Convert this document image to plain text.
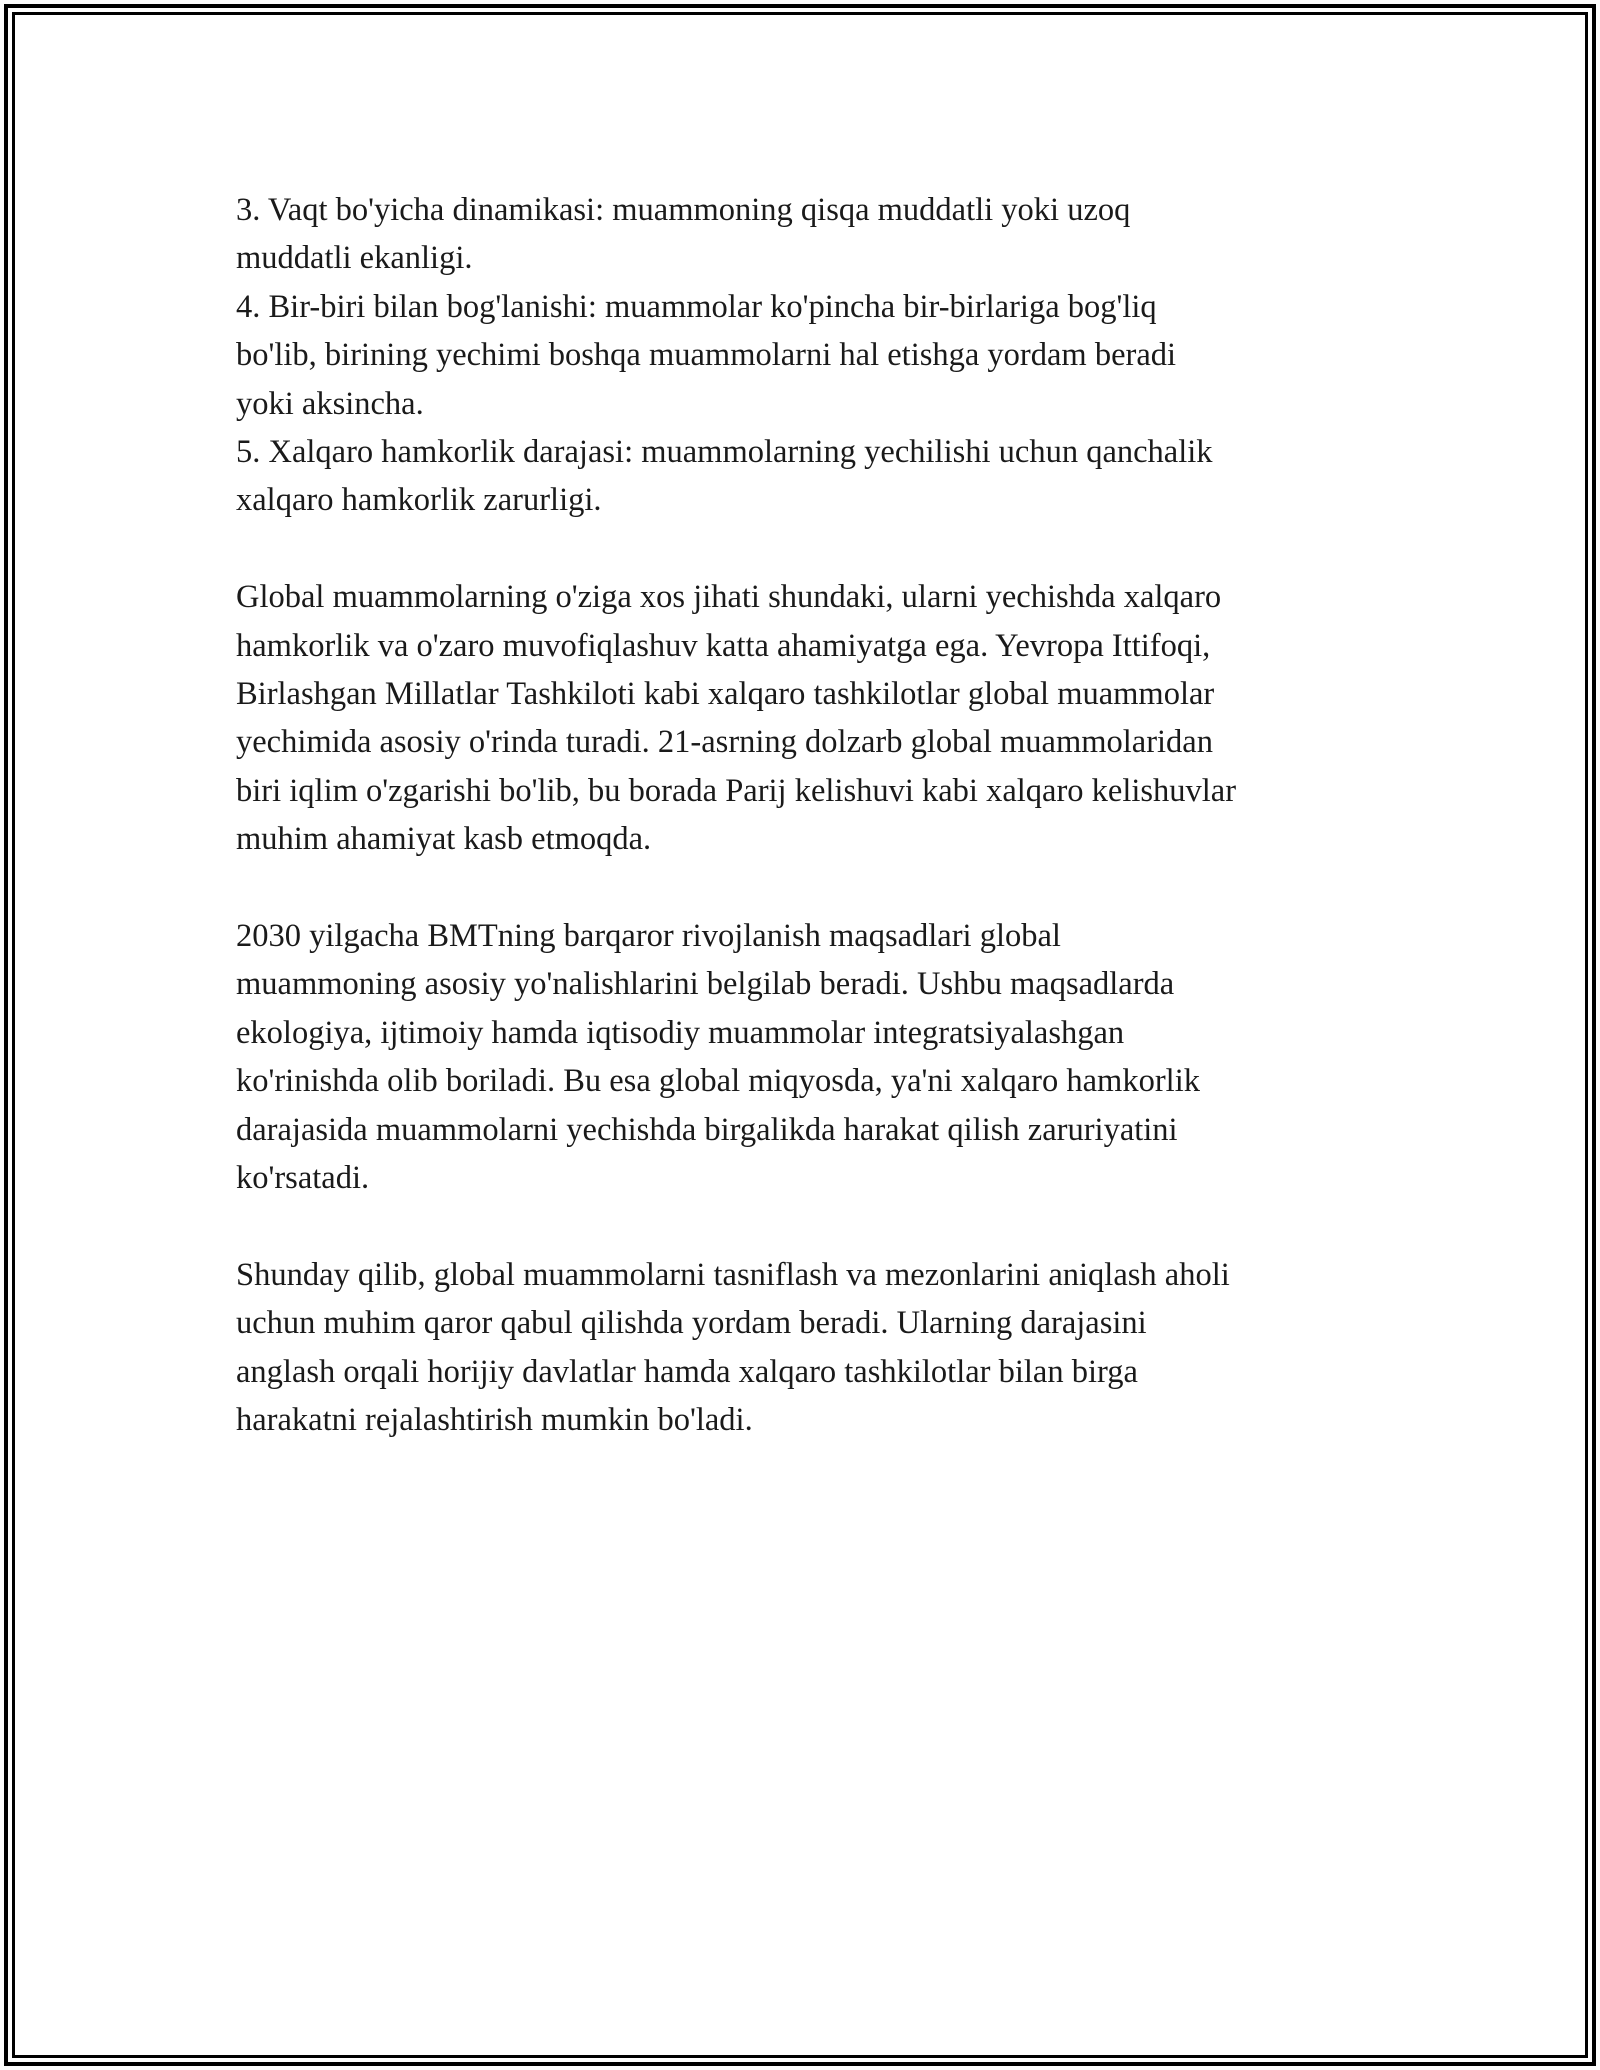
3. Vaqt bo'yicha dinamikasi: muammoning qisqa muddatli yoki uzoq
muddatli ekanligi.
4. Bir-biri bilan bog'lanishi: muammolar ko'pincha bir-birlariga bog'liq
bo'lib, birining yechimi boshqa muammolarni hal etishga yordam beradi
yoki aksincha.
5. Xalqaro hamkorlik darajasi: muammolarning yechilishi uchun qanchalik
xalqaro hamkorlik zarurligi.
Global muammolarning o'ziga xos jihati shundaki, ularni yechishda xalqaro
hamkorlik va o'zaro muvofiqlashuv katta ahamiyatga ega. Yevropa Ittifoqi,
Birlashgan Millatlar Tashkiloti kabi xalqaro tashkilotlar global muammolar
yechimida asosiy o'rinda turadi. 21-asrning dolzarb global muammolaridan
biri iqlim o'zgarishi bo'lib, bu borada Parij kelishuvi kabi xalqaro kelishuvlar
muhim ahamiyat kasb etmoqda.
2030 yilgacha BMTning barqaror rivojlanish maqsadlari global
muammoning asosiy yo'nalishlarini belgilab beradi. Ushbu maqsadlarda
ekologiya, ijtimoiy hamda iqtisodiy muammolar integratsiyalashgan
ko'rinishda olib boriladi. Bu esa global miqyosda, ya'ni xalqaro hamkorlik
darajasida muammolarni yechishda birgalikda harakat qilish zaruriyatini
ko'rsatadi.
Shunday qilib, global muammolarni tasniflash va mezonlarini aniqlash aholi
uchun muhim qaror qabul qilishda yordam beradi. Ularning darajasini
anglash orqali horijiy davlatlar hamda xalqaro tashkilotlar bilan birga
harakatni rejalashtirish mumkin bo'ladi.
